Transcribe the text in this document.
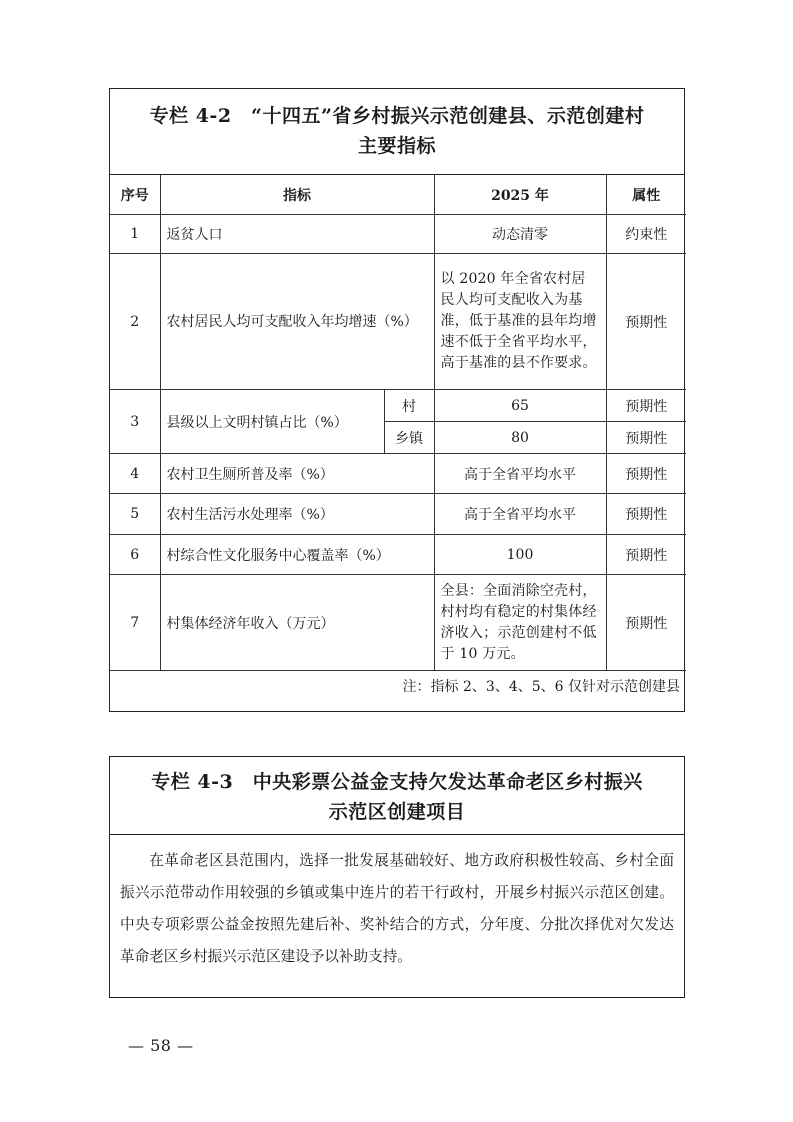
专栏 4-2　“十四五”省乡村振兴示范创建县、示范创建村
主要指标
序号	指标		2025 年	属性
1	返贫人口		动态清零	约束性
2	农村居民人均可支配收入年均增速（%）		以 2020 年全省农村居民人均可支配收入为基准，低于基准的县年均增速不低于全省平均水平，高于基准的县不作要求。	预期性
3	县级以上文明村镇占比（%）	村	65	预期性
		乡镇	80	预期性
4	农村卫生厕所普及率（%）		高于全省平均水平	预期性
5	农村生活污水处理率（%）		高于全省平均水平	预期性
6	村综合性文化服务中心覆盖率（%）		100	预期性
7	村集体经济年收入（万元）		全县：全面消除空壳村，村村均有稳定的村集体经济收入；示范创建村不低于 10 万元。	预期性
注：指标 2、3、4、5、6 仅针对示范创建县				
专栏 4-3　中央彩票公益金支持欠发达革命老区乡村振兴
示范区创建项目
在革命老区县范围内，选择一批发展基础较好、地方政府积极性较高、乡村全面振兴示范带动作用较强的乡镇或集中连片的若干行政村，开展乡村振兴示范区创建。中央专项彩票公益金按照先建后补、奖补结合的方式，分年度、分批次择优对欠发达革命老区乡村振兴示范区建设予以补助支持。
— 58 —
